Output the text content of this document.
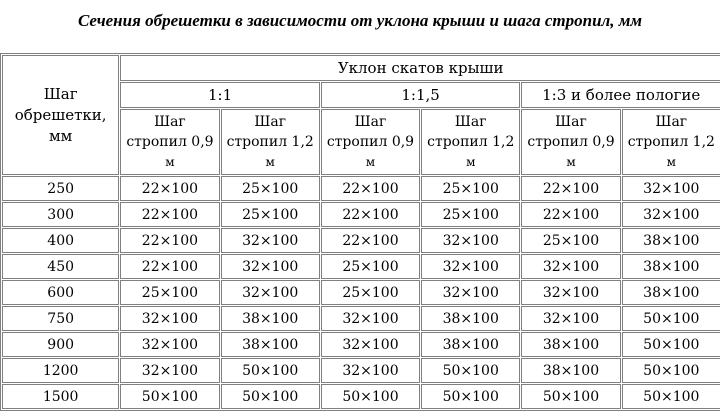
Сечения обрешетки в зависимости от уклона крыши и шага стропил, мм
Шаг
обрешетки,
мм	Уклон скатов крыши					
	1:1		1:1,5		1:3 и более пологие	
	Шаг
стропил 0,9
м	Шаг
стропил 1,2
м	Шаг
стропил 0,9
м	Шаг
стропил 1,2
м	Шаг
стропил 0,9
м	Шаг
стропил 1,2
м
250	22×100	25×100	22×100	25×100	22×100	32×100
300	22×100	25×100	22×100	25×100	22×100	32×100
400	22×100	32×100	22×100	32×100	25×100	38×100
450	22×100	32×100	25×100	32×100	32×100	38×100
600	25×100	32×100	25×100	32×100	32×100	38×100
750	32×100	38×100	32×100	38×100	32×100	50×100
900	32×100	38×100	32×100	38×100	38×100	50×100
1200	32×100	50×100	32×100	50×100	38×100	50×100
1500	50×100	50×100	50×100	50×100	50×100	50×100
